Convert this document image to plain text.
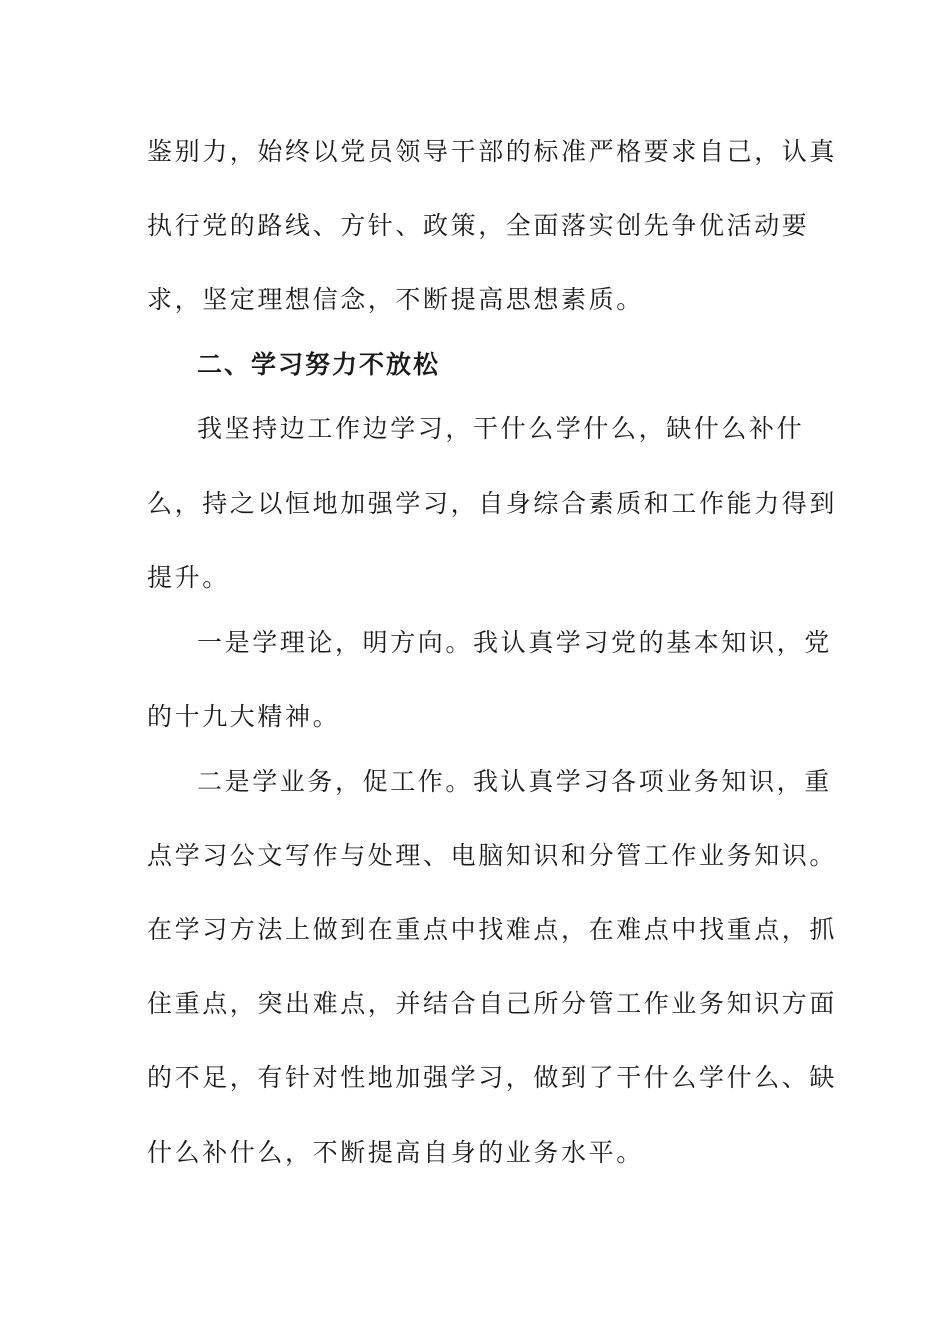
鉴别力，始终以党员领导干部的标准严格要求自己，认真
执行党的路线、方针、政策，全面落实创先争优活动要
求，坚定理想信念，不断提高思想素质。
二、学习努力不放松
我坚持边工作边学习，干什么学什么，缺什么补什
么，持之以恒地加强学习，自身综合素质和工作能力得到
提升。
一是学理论，明方向。我认真学习党的基本知识，党
的十九大精神。
二是学业务，促工作。我认真学习各项业务知识，重
点学习公文写作与处理、电脑知识和分管工作业务知识。
在学习方法上做到在重点中找难点，在难点中找重点，抓
住重点，突出难点，并结合自己所分管工作业务知识方面
的不足，有针对性地加强学习，做到了干什么学什么、缺
什么补什么，不断提高自身的业务水平。
